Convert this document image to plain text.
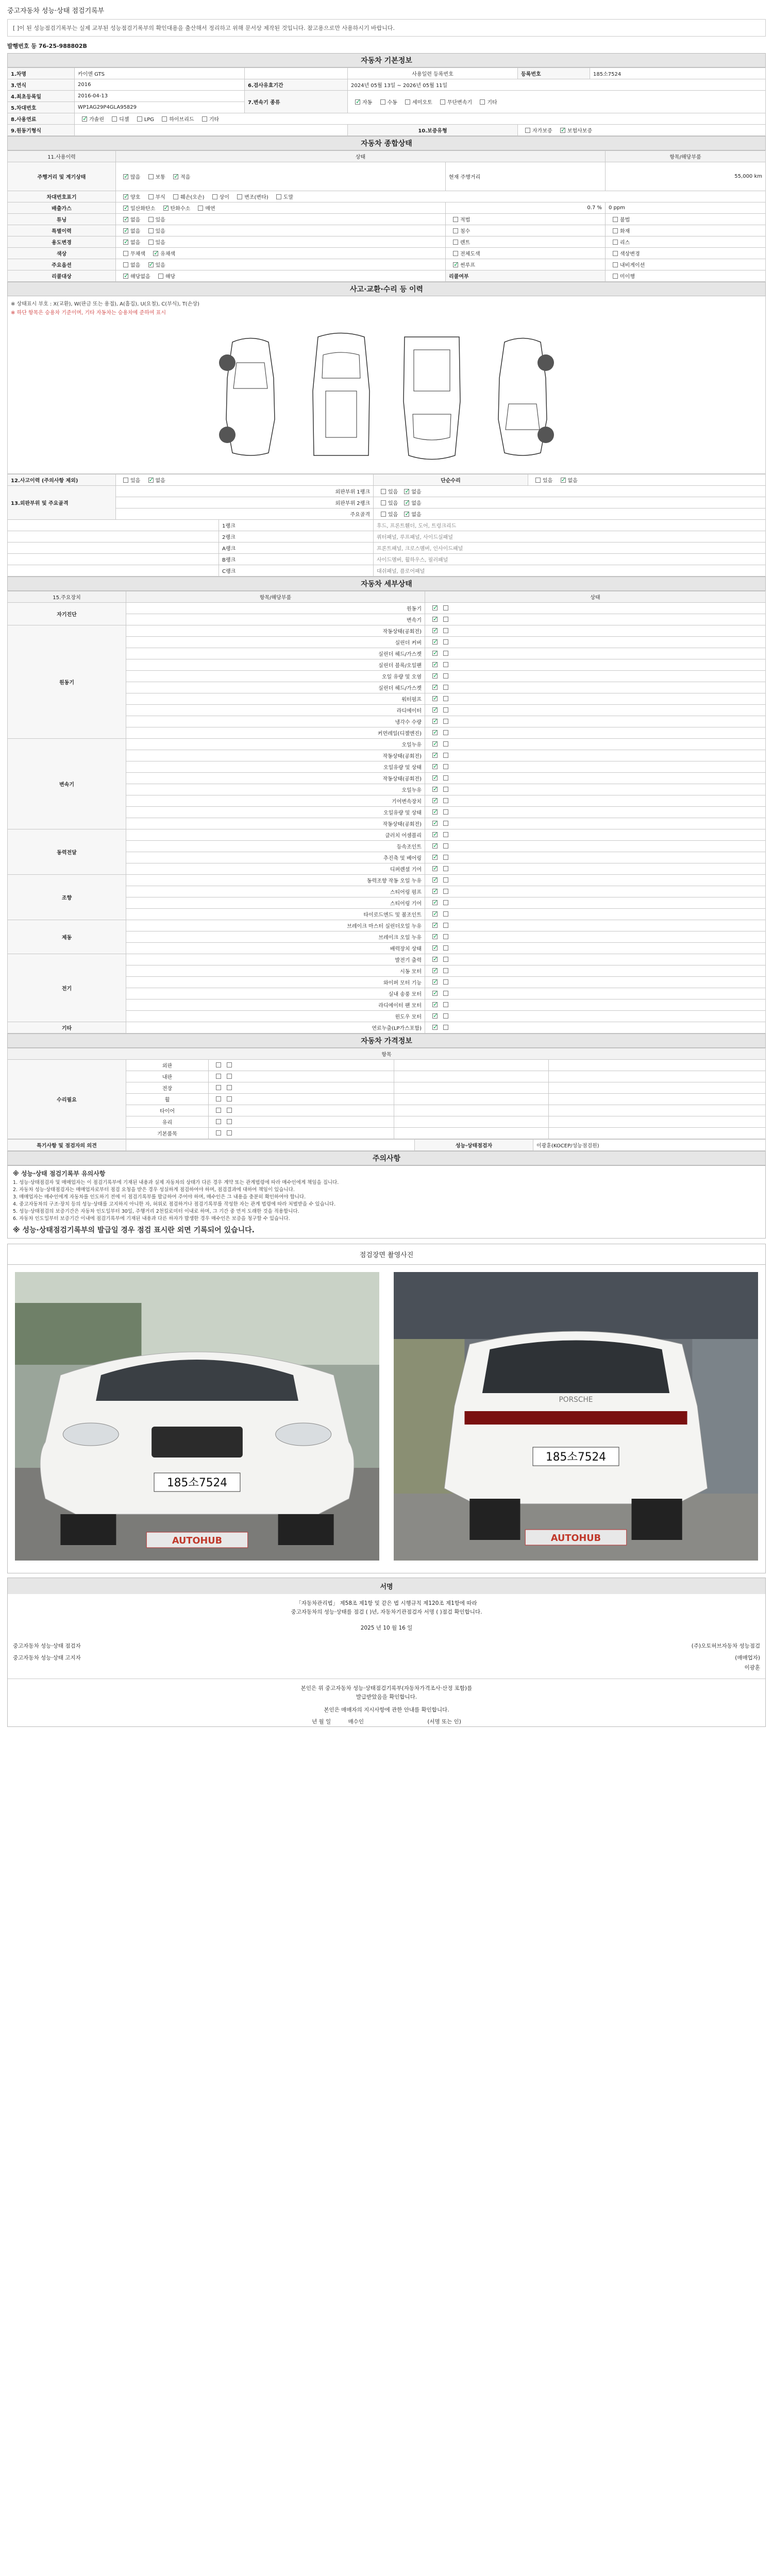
중고자동차 성능·상태 점검기록부
[ ]이 된 성능점검기록부는 실제 교부된 성능점검기록부의 확인대용을 출산해서 정리하고 위해 문서상 제작된 것입니다. 참고용으로만 사용하시기 바랍니다.
발행번호 등 76-25-988802B
자동차 기본정보
1.차명	카이엔 GTS		사용일련 등록번호	등록번호	185소7524
3.연식	2016	6.검사유효기간	2024년 05월 13일 ~ 2026년 05월 11일		
4.최초등록일	2016-04-13	7.변속기 종류	✓자동 수동 세미오토 무단변속기 기타
5.차대번호	WP1AG29P4GLA95829				
8.사용연료	✓가솔린 디젤 LPG 하이브리드 기타
9.원동기형식			10.보증유형	자가보증 ✓ 보험사보증
자동차 종합상태
11.사용이력	상태		항목/해당부품
주행거리 및 계기상태	✓많음 보통 ✓ 적음	현재 주행거리	55,000 km
차대번호표기	✓양호 부식 훼손(오손) 상이 변조(변타) 도말
배출가스	✓일산화탄소 ✓ 탄화수소 매연	0.7 %	0 ppm
튜닝	✓없음 있음	적법	불법
특별이력	✓없음 있음	침수	화재
용도변경	✓없음 있음	렌트	리스
색상	무채색 ✓ 유채색	전체도색	색상변경
주요옵션	없음 ✓ 있음	✓썬루프	내비게이션
리콜대상	✓해당없음 해당	리콜여부	미이행
사고·교환·수리 등 이력
※ 상태표시 부호 : X(교환), W(판금 또는 용접), A(흠집), U(요철), C(부식), T(손상)
※ 하단 항목은 승용차 기준이며, 기타 자동차는 승용차에 준하여 표시
12.사고이력 (주의사항 제외)	있음 ✓ 없음		단순수리	있음 ✓ 없음
13.외판부위 및 주요골격	외판부위 1랭크		있음 ✓ 없음
	외판부위 2랭크		있음 ✓ 없음
	주요골격		있음 ✓ 없음
		1랭크	후드, 프론트휀더, 도어, 트렁크리드	
		2랭크	쿼터패널, 루프패널, 사이드실패널	
		A랭크	프론트패널, 크로스멤버, 인사이드패널	
		B랭크	사이드멤버, 휠하우스, 필러패널	
		C랭크	대쉬패널, 플로어패널	
자동차 세부상태
15.주요장치	항목/해당부품	상태
자기진단	원동기	✓
	변속기	✓
원동기	작동상태(공회전)	✓
	실린더 커버	✓
	실린더 헤드/가스켓	✓
	실린더 블록/오일팬	✓
	오일 유량 및 오염	✓
	실린더 헤드/가스켓	✓
	워터펌프	✓
	라디에이터	✓
	냉각수 수량	✓
	커먼레일(디젤엔진)	✓
변속기	오일누유	✓
	작동상태(공회전)	✓
	오일유량 및 상태	✓
	작동상태(공회전)	✓
	오일누유	✓
	기어변속장치	✓
	오일유량 및 상태	✓
	작동상태(공회전)	✓
동력전달	클러치 어셈블리	✓
	등속조인트	✓
	추진축 및 베어링	✓
	디퍼렌셜 기어	✓
조향	동력조향 작동 오일 누유	✓
	스티어링 펌프	✓
	스티어링 기어	✓
	타이로드엔드 및 볼조인트	✓
제동	브레이크 마스터 실린더오일 누유	✓
	브레이크 오일 누유	✓
	배력장치 상태	✓
전기	발전기 출력	✓
	시동 모터	✓
	와이퍼 모터 기능	✓
	실내 송풍 모터	✓
	라디에이터 팬 모터	✓
	윈도우 모터	✓
기타	연료누출(LP가스포함)	✓
자동차 가격정보
항목				
수리필요	외판			
	내판			
	전장			
	휠			
	타이어			
	유리			
	기본품목			
특기사항 및 점검자의 의견		성능·상태점검자	이광훈(KOCEP/성능점검원)
주의사항
※ 성능·상태 점검기록부 유의사항
1. 성능·상태점검자 및 매매업자는 이 점검기록부에 기재된 내용과 실제 자동차의 상태가 다른 경우 계약 또는 관계법령에 따라 매수인에게 책임을 집니다.
2. 자동차 성능·상태점검자는 매매업자로부터 점검 요청을 받은 경우 성실하게 점검하여야 하며, 점검결과에 대하여 책임이 있습니다.
3. 매매업자는 매수인에게 자동차를 인도하기 전에 이 점검기록부를 발급하여 주어야 하며, 매수인은 그 내용을 충분히 확인하여야 합니다.
4. 중고자동차의 구조·장치 등의 성능·상태를 고지하지 아니한 자, 허위로 점검하거나 점검기록부를 작성한 자는 관계 법령에 따라 처벌받을 수 있습니다.
5. 성능·상태점검의 보증기간은 자동차 인도일부터 30일, 주행거리 2천킬로미터 이내로 하며, 그 기간 중 먼저 도래한 것을 적용합니다.
6. 자동차 인도일부터 보증기간 이내에 점검기록부에 기재된 내용과 다른 하자가 발생한 경우 매수인은 보증을 청구할 수 있습니다.
※ 성능·상태점검기록부의 발급일 경우 점검 표시란 외면 기록되어 있습니다.
점검장면 촬영사진
185소7524
AUTOHUB
PORSCHE
185소7524
AUTOHUB
서명
「자동차관리법」 제58조 제1항 및 같은 법 시행규칙 제120조 제1항에 따라
중고자동차의 성능·상태를 점검 ( )년, 자동차기관점검자 서명 ( )점검 확인합니다.
2025 년 10 월 16 일
중고자동차 성능·상태 점검자	(주)오토허브자동차 성능점검
중고자동차 성능·상태 고지자	(매매업자)
이광훈
본인은 위 중고자동차 성능·상태점검기록부(자동차가격조사·산정 포함)를
발급받았음을 확인합니다.
본인은 매매자의 지시사항에 관한 안내를 확인합니다.
년 월 일	매수인	(서명 또는 인)
